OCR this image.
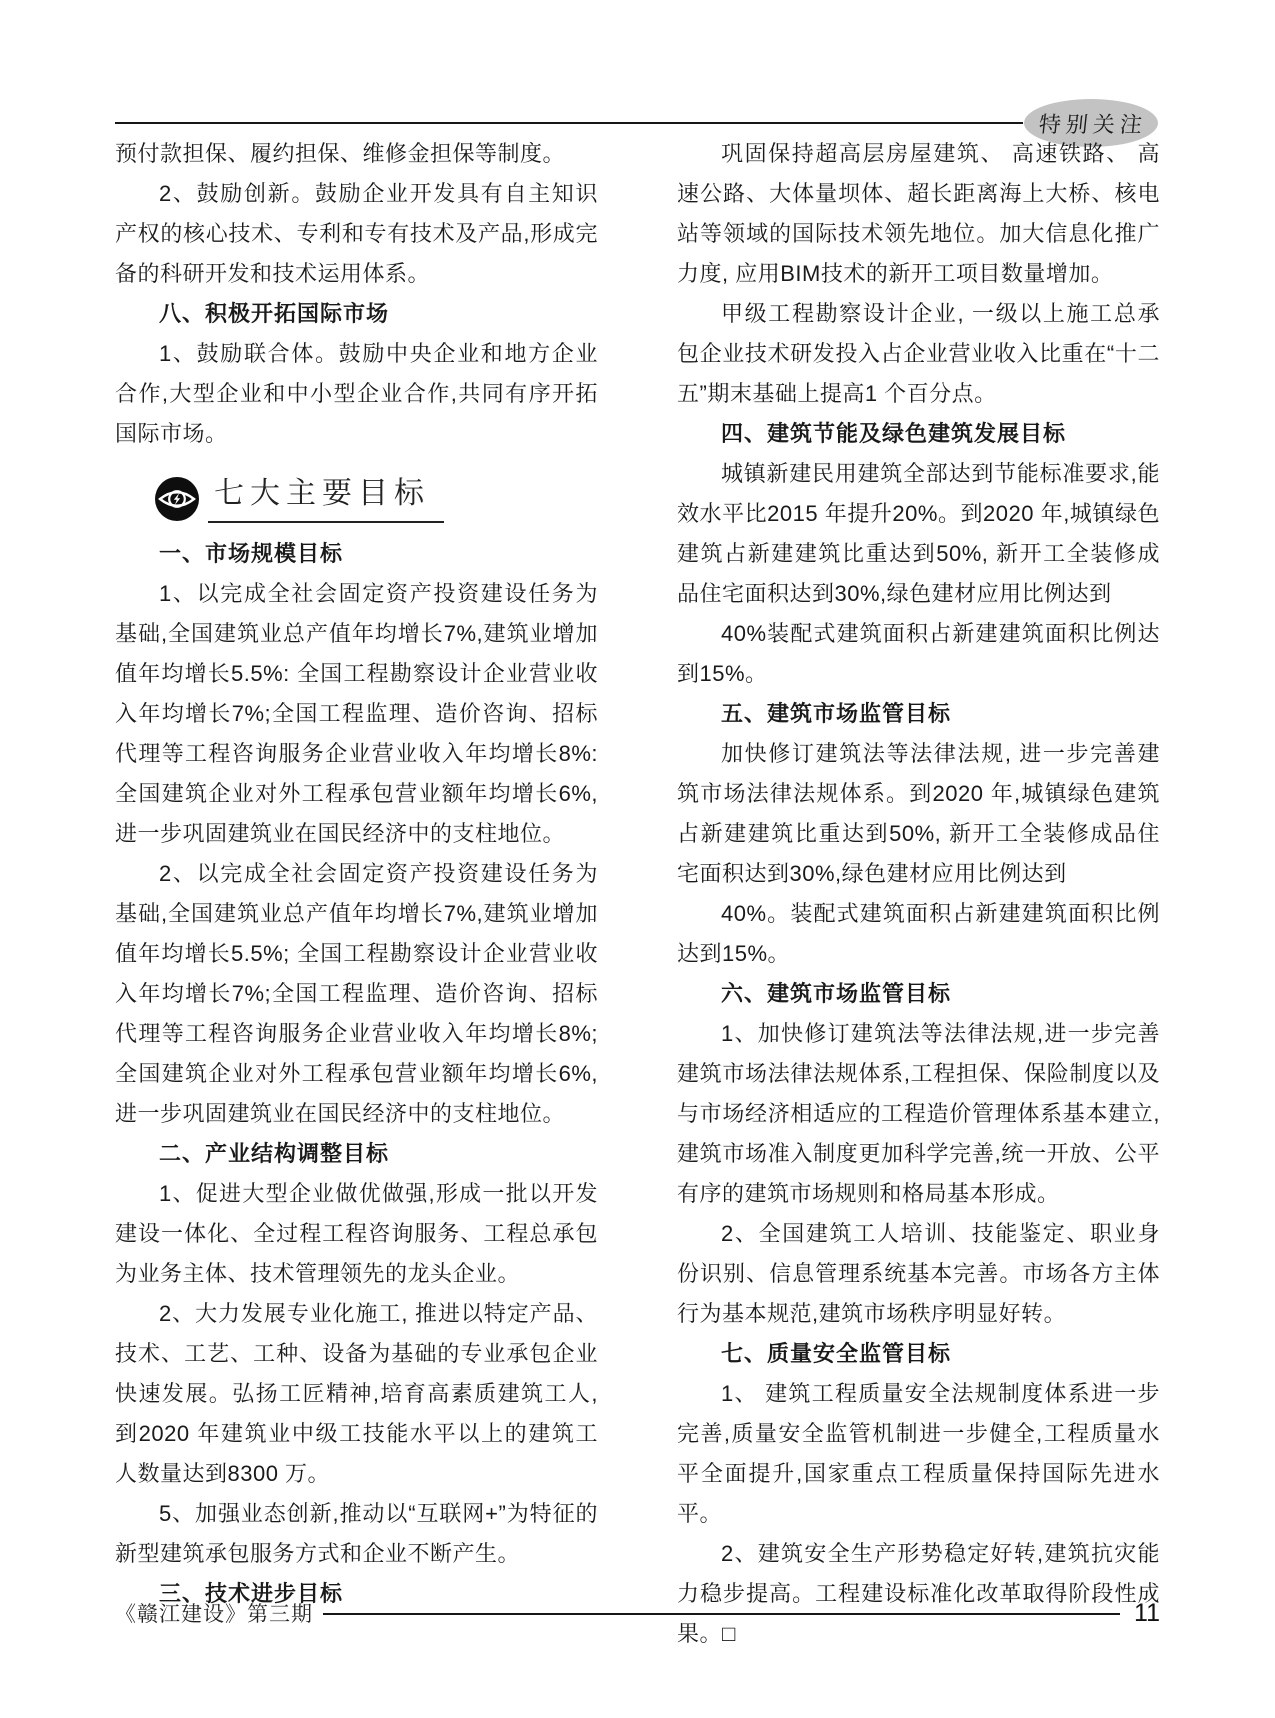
特别关注

预付款担保、履约担保、维修金担保等制度。

2、鼓励创新。鼓励企业开发具有自主知识产权的核心技术、专利和专有技术及产品,形成完备的科研开发和技术运用体系。

八、积极开拓国际市场

1、鼓励联合体。鼓励中央企业和地方企业合作,大型企业和中小型企业合作,共同有序开拓国际市场。

七大主要目标

一、市场规模目标

1、以完成全社会固定资产投资建设任务为基础,全国建筑业总产值年均增长7%,建筑业增加值年均增长5.5%: 全国工程勘察设计企业营业收入年均增长7%;全国工程监理、造价咨询、招标代理等工程咨询服务企业营业收入年均增长8%:全国建筑企业对外工程承包营业额年均增长6%,进一步巩固建筑业在国民经济中的支柱地位。

2、以完成全社会固定资产投资建设任务为基础,全国建筑业总产值年均增长7%,建筑业增加值年均增长5.5%; 全国工程勘察设计企业营业收入年均增长7%;全国工程监理、造价咨询、招标代理等工程咨询服务企业营业收入年均增长8%;全国建筑企业对外工程承包营业额年均增长6%,进一步巩固建筑业在国民经济中的支柱地位。

二、产业结构调整目标

1、促进大型企业做优做强,形成一批以开发建设一体化、全过程工程咨询服务、工程总承包为业务主体、技术管理领先的龙头企业。

2、大力发展专业化施工, 推进以特定产品、技术、工艺、工种、设备为基础的专业承包企业快速发展。弘扬工匠精神,培育高素质建筑工人,到2020 年建筑业中级工技能水平以上的建筑工人数量达到8300 万。

5、加强业态创新,推动以“互联网+”为特征的新型建筑承包服务方式和企业不断产生。

三、技术进步目标

巩固保持超高层房屋建筑、 高速铁路、 高速公路、大体量坝体、超长距离海上大桥、核电站等领域的国际技术领先地位。加大信息化推广力度, 应用BIM技术的新开工项目数量增加。

甲级工程勘察设计企业, 一级以上施工总承包企业技术研发投入占企业营业收入比重在“十二五”期末基础上提高1 个百分点。

四、建筑节能及绿色建筑发展目标

城镇新建民用建筑全部达到节能标准要求,能效水平比2015 年提升20%。到2020 年,城镇绿色建筑占新建建筑比重达到50%, 新开工全装修成品住宅面积达到30%,绿色建材应用比例达到

40%装配式建筑面积占新建建筑面积比例达到15%。

五、建筑市场监管目标

加快修订建筑法等法律法规, 进一步完善建筑市场法律法规体系。到2020 年,城镇绿色建筑占新建建筑比重达到50%, 新开工全装修成品住宅面积达到30%,绿色建材应用比例达到

40%。装配式建筑面积占新建建筑面积比例达到15%。

六、建筑市场监管目标

1、加快修订建筑法等法律法规,进一步完善建筑市场法律法规体系,工程担保、保险制度以及与市场经济相适应的工程造价管理体系基本建立, 建筑市场准入制度更加科学完善,统一开放、公平有序的建筑市场规则和格局基本形成。

2、全国建筑工人培训、技能鉴定、职业身份识别、信息管理系统基本完善。市场各方主体行为基本规范,建筑市场秩序明显好转。

七、质量安全监管目标

1、 建筑工程质量安全法规制度体系进一步完善,质量安全监管机制进一步健全,工程质量水平全面提升,国家重点工程质量保持国际先进水平。

2、建筑安全生产形势稳定好转,建筑抗灾能力稳步提高。工程建设标准化改革取得阶段性成果。□

《赣江建设》第三期	11
